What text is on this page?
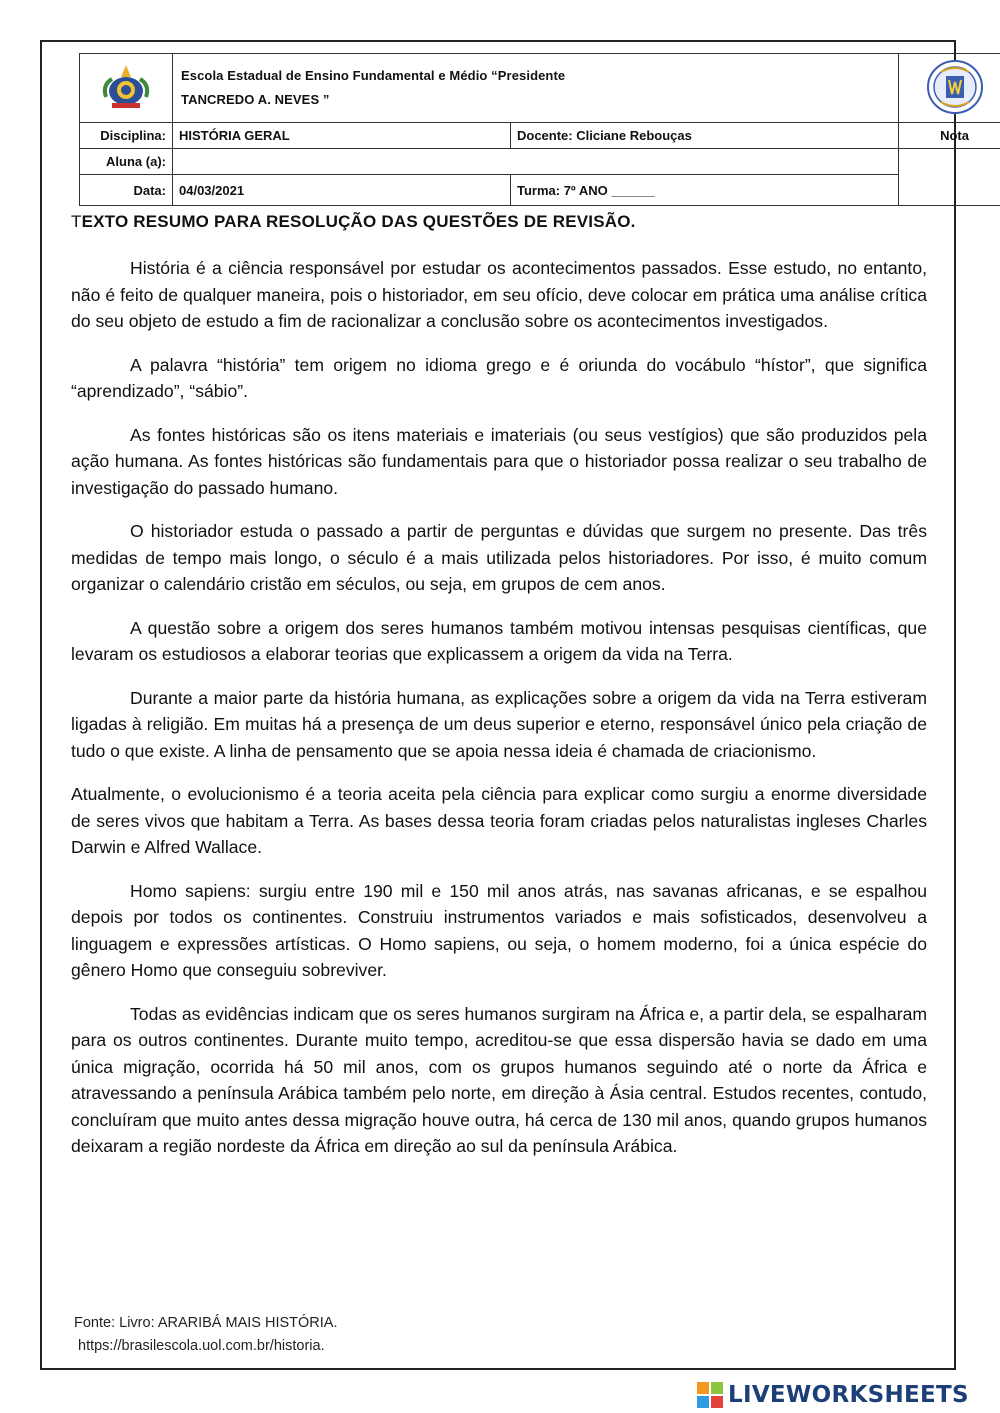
	Escola Estadual de Ensino Fundamental e Médio “Presidente
TANCREDO A. NEVES ”	
Disciplina:	HISTÓRIA GERAL	Docente: Cliciane Rebouças	Nota
Aluna (a):			
Data:	04/03/2021	Turma: 7º ANO ______	
TEXTO RESUMO PARA RESOLUÇÃO DAS QUESTÕES DE REVISÃO.

História é a ciência responsável por estudar os acontecimentos passados. Esse estudo, no entanto, não é feito de qualquer maneira, pois o historiador, em seu ofício, deve colocar em prática uma análise crítica do seu objeto de estudo a fim de racionalizar a conclusão sobre os acontecimentos investigados.

A palavra “história” tem origem no idioma grego e é oriunda do vocábulo “hístor”, que significa “aprendizado”, “sábio”.

As fontes históricas são os itens materiais e imateriais (ou seus vestígios) que são produzidos pela ação humana. As fontes históricas são fundamentais para que o historiador possa realizar o seu trabalho de investigação do passado humano.

O historiador estuda o passado a partir de perguntas e dúvidas que surgem no presente. Das três medidas de tempo mais longo, o século é a mais utilizada pelos historiadores. Por isso, é muito comum organizar o calendário cristão em séculos, ou seja, em grupos de cem anos.

A questão sobre a origem dos seres humanos também motivou intensas pesquisas científicas, que levaram os estudiosos a elaborar teorias que explicassem a origem da vida na Terra.

Durante a maior parte da história humana, as explicações sobre a origem da vida na Terra estiveram ligadas à religião. Em muitas há a presença de um deus superior e eterno, responsável único pela criação de tudo o que existe. A linha de pensamento que se apoia nessa ideia é chamada de criacionismo.

Atualmente, o evolucionismo é a teoria aceita pela ciência para explicar como surgiu a enorme diversidade de seres vivos que habitam a Terra. As bases dessa teoria foram criadas pelos naturalistas ingleses Charles Darwin e Alfred Wallace.

Homo sapiens: surgiu entre 190 mil e 150 mil anos atrás, nas savanas africanas, e se espalhou depois por todos os continentes. Construiu instrumentos variados e mais sofisticados, desenvolveu a linguagem e expressões artísticas. O Homo sapiens, ou seja, o homem moderno, foi a única espécie do gênero Homo que conseguiu sobreviver.

Todas as evidências indicam que os seres humanos surgiram na África e, a partir dela, se espalharam para os outros continentes. Durante muito tempo, acreditou-se que essa dispersão havia se dado em uma única migração, ocorrida há 50 mil anos, com os grupos humanos seguindo até o norte da África e atravessando a península Arábica também pelo norte, em direção à Ásia central. Estudos recentes, contudo, concluíram que muito antes dessa migração houve outra, há cerca de 130 mil anos, quando grupos humanos deixaram a região nordeste da África em direção ao sul da península Arábica.

Fonte: Livro: ARARIBÁ MAIS HISTÓRIA.
https://brasilescola.uol.com.br/historia.
LIVEWORKSHEETS
